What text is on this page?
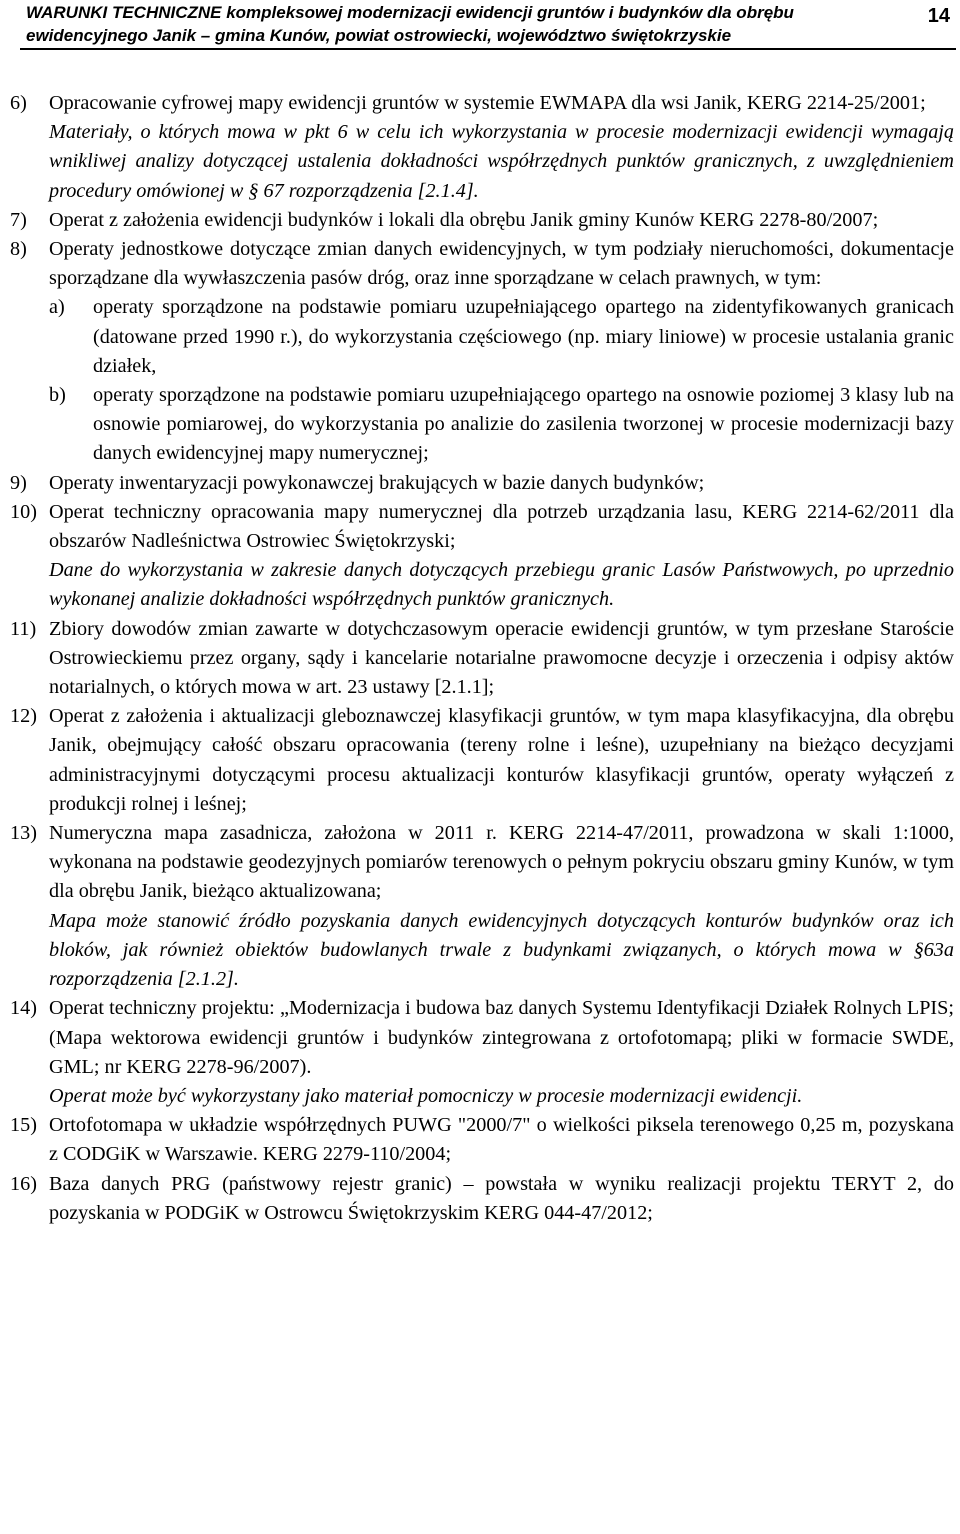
WARUNKI TECHNICZNE kompleksowej modernizacji ewidencji gruntów i budynków dla obrębu
ewidencyjnego Janik – gmina Kunów, powiat ostrowiecki, województwo świętokrzyskie
14
6) Opracowanie cyfrowej mapy ewidencji gruntów w systemie EWMAPA dla wsi Janik, KERG 2214-25/2001;

Materiały, o których mowa w pkt 6 w celu ich wykorzystania w procesie modernizacji ewidencji wymagają wnikliwej analizy dotyczącej ustalenia dokładności współrzędnych punktów granicznych, z uwzględnieniem procedury omówionej w § 67 rozporządzenia [2.1.4].

7) Operat z założenia ewidencji budynków i lokali dla obrębu Janik gminy Kunów KERG 2278-80/2007;

8) Operaty jednostkowe dotyczące zmian danych ewidencyjnych, w tym podziały nieruchomości, dokumentacje sporządzane dla wywłaszczenia pasów dróg, oraz inne sporządzane w celach prawnych, w tym:

a) operaty sporządzone na podstawie pomiaru uzupełniającego opartego na zidentyfikowanych granicach (datowane przed 1990 r.), do wykorzystania częściowego (np. miary liniowe) w procesie ustalania granic działek,

b) operaty sporządzone na podstawie pomiaru uzupełniającego opartego na osnowie poziomej 3 klasy lub na osnowie pomiarowej, do wykorzystania po analizie do zasilenia tworzonej w procesie modernizacji bazy danych ewidencyjnej mapy numerycznej;

9) Operaty inwentaryzacji powykonawczej brakujących w bazie danych budynków;

10) Operat techniczny opracowania mapy numerycznej dla potrzeb urządzania lasu, KERG 2214-62/2011 dla obszarów Nadleśnictwa Ostrowiec Świętokrzyski;

Dane do wykorzystania w zakresie danych dotyczących przebiegu granic Lasów Państwowych, po uprzednio wykonanej analizie dokładności współrzędnych punktów granicznych.

11) Zbiory dowodów zmian zawarte w dotychczasowym operacie ewidencji gruntów, w tym przesłane Staroście Ostrowieckiemu przez organy, sądy i kancelarie notarialne prawomocne decyzje i orzeczenia i odpisy aktów notarialnych, o których mowa w art. 23 ustawy [2.1.1];

12) Operat z założenia i aktualizacji gleboznawczej klasyfikacji gruntów, w tym mapa klasyfikacyjna, dla obrębu Janik, obejmujący całość obszaru opracowania (tereny rolne i leśne), uzupełniany na bieżąco decyzjami administracyjnymi dotyczącymi procesu aktualizacji konturów klasyfikacji gruntów, operaty wyłączeń z produkcji rolnej i leśnej;

13) Numeryczna mapa zasadnicza, założona w 2011 r. KERG 2214-47/2011, prowadzona w skali 1:1000, wykonana na podstawie geodezyjnych pomiarów terenowych o pełnym pokryciu obszaru gminy Kunów, w tym dla obrębu Janik, bieżąco aktualizowana;

Mapa może stanowić źródło pozyskania danych ewidencyjnych dotyczących konturów budynków oraz ich bloków, jak również obiektów budowlanych trwale z budynkami związanych, o których mowa w §63a rozporządzenia [2.1.2].

14) Operat techniczny projektu: „Modernizacja i budowa baz danych Systemu Identyfikacji Działek Rolnych LPIS; (Mapa wektorowa ewidencji gruntów i budynków zintegrowana z ortofotomapą; pliki w formacie SWDE, GML; nr KERG 2278-96/2007).

Operat może być wykorzystany jako materiał pomocniczy w procesie modernizacji ewidencji.

15) Ortofotomapa w układzie współrzędnych PUWG "2000/7" o wielkości piksela terenowego 0,25 m, pozyskana z CODGiK w Warszawie. KERG 2279-110/2004;

16) Baza danych PRG (państwowy rejestr granic) – powstała w wyniku realizacji projektu TERYT 2, do pozyskania w PODGiK w Ostrowcu Świętokrzyskim KERG 044-47/2012;
